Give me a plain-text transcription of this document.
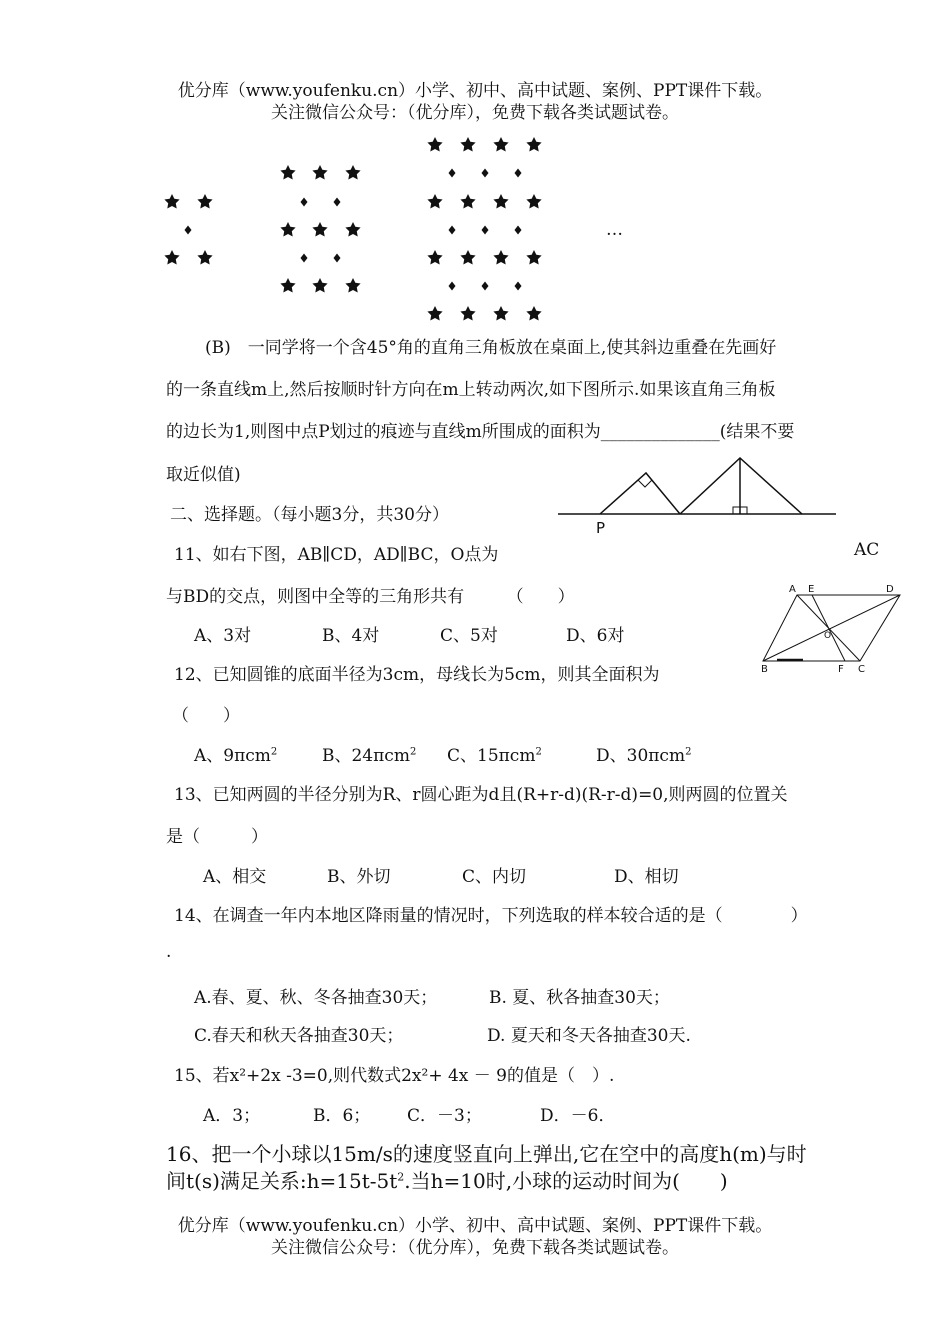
优分库（www.youfenku.cn）小学、初中、高中试题、案例、PPT课件下载。
关注微信公众号：（优分库），免费下载各类试题试卷。
…
(B)　一同学将一个含45°角的直角三角板放在桌面上,使其斜边重叠在先画好
的一条直线m上,然后按顺时针方向在m上转动两次,如下图所示.如果该直角三角板
的边长为1,则图中点P划过的痕迹与直线m所围成的面积为______________(结果不要
取近似值)
P
二、选择题。（每小题3分，共30分）
11、如右下图，AB∥CD，AD∥BC，O点为	AC
与BD的交点，则图中全等的三角形共有　　　（　　）
A、3对	B、4对	C、5对	D、6对
A E	D
O
B	F C
12、已知圆锥的底面半径为3cm，母线长为5cm，则其全面积为
（　　）
A、9πcm$^2$	B、24πcm$^2$ C、15πcm$^2$	D、30πcm$^2$
13、已知两圆的半径分别为R、r圆心距为d且(R+r-d)(R-r-d)=0,则两圆的位置关
是（　　　）
A、相交	B、外切	C、内切	D、相切
14、在调查一年内本地区降雨量的情况时，下列选取的样本较合适的是（　　　　）
.
A.春、夏、秋、冬各抽查30天；	B. 夏、秋各抽查30天；
C.春天和秋天各抽查30天；	D. 夏天和冬天各抽查30天.
15、若x²+2x -3=0,则代数式2x²+ 4x － 9的值是（　）.
A．3；	B．6； C．－3；	D．－6．
16、把一个小球以15m/s的速度竖直向上弹出,它在空中的高度h(m)与时
间t(s)满足关系$:h=15t-5t^2$.当h=10时,小球的运动时间为(　　)
优分库（www.youfenku.cn）小学、初中、高中试题、案例、PPT课件下载。
关注微信公众号：（优分库），免费下载各类试题试卷。
